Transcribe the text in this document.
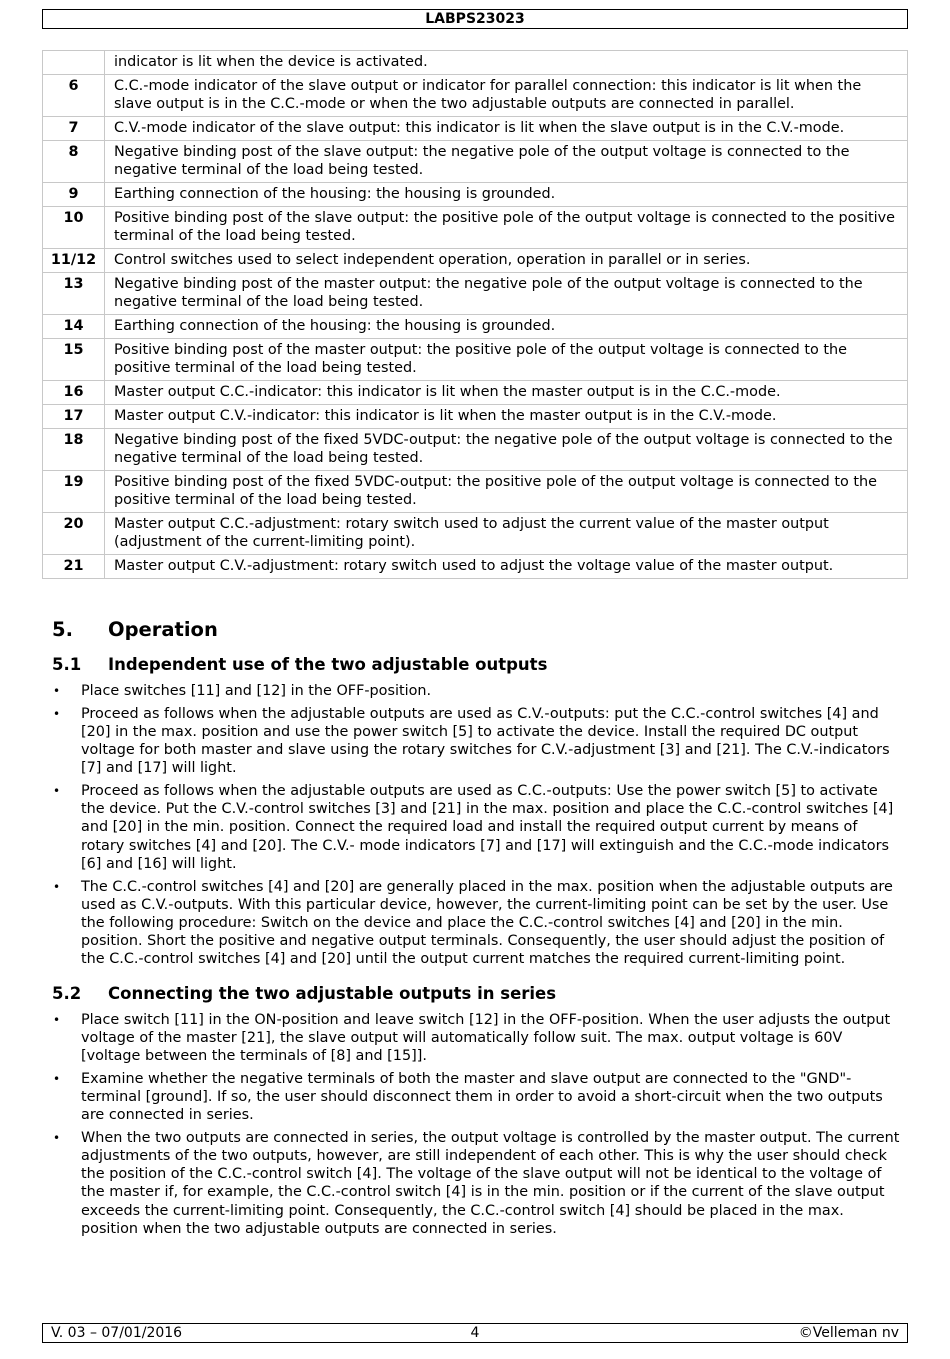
LABPS23023
	indicator is lit when the device is activated.
6	C.C.-mode indicator of the slave output or indicator for parallel connection: this indicator is lit when the slave output is in the C.C.-mode or when the two adjustable outputs are connected in parallel.
7	C.V.-mode indicator of the slave output: this indicator is lit when the slave output is in the C.V.-mode.
8	Negative binding post of the slave output: the negative pole of the output voltage is connected to the negative terminal of the load being tested.
9	Earthing connection of the housing: the housing is grounded.
10	Positive binding post of the slave output: the positive pole of the output voltage is connected to the positive terminal of the load being tested.
11/12	Control switches used to select independent operation, operation in parallel or in series.
13	Negative binding post of the master output: the negative pole of the output voltage is connected to the negative terminal of the load being tested.
14	Earthing connection of the housing: the housing is grounded.
15	Positive binding post of the master output: the positive pole of the output voltage is connected to the positive terminal of the load being tested.
16	Master output C.C.-indicator: this indicator is lit when the master output is in the C.C.-mode.
17	Master output C.V.-indicator: this indicator is lit when the master output is in the C.V.-mode.
18	Negative binding post of the fixed 5VDC-output: the negative pole of the output voltage is connected to the negative terminal of the load being tested.
19	Positive binding post of the fixed 5VDC-output: the positive pole of the output voltage is connected to the positive terminal of the load being tested.
20	Master output C.C.-adjustment: rotary switch used to adjust the current value of the master output (adjustment of the current-limiting point).
21	Master output C.V.-adjustment: rotary switch used to adjust the voltage value of the master output.
5. Operation
5.1 Independent use of the two adjustable outputs
• Place switches [11] and [12] in the OFF-position.
• Proceed as follows when the adjustable outputs are used as C.V.-outputs: put the C.C.-control switches [4] and [20] in the max. position and use the power switch [5] to activate the device. Install the required DC output voltage for both master and slave using the rotary switches for C.V.-adjustment [3] and [21]. The C.V.-indicators [7] and [17] will light.
• Proceed as follows when the adjustable outputs are used as C.C.-outputs: Use the power switch [5] to activate the device. Put the C.V.-control switches [3] and [21] in the max. position and place the C.C.-control switches [4] and [20] in the min. position. Connect the required load and install the required output current by means of rotary switches [4] and [20]. The C.V.- mode indicators [7] and [17] will extinguish and the C.C.-mode indicators [6] and [16] will light.
• The C.C.-control switches [4] and [20] are generally placed in the max. position when the adjustable outputs are used as C.V.-outputs. With this particular device, however, the current-limiting point can be set by the user. Use the following procedure: Switch on the device and place the C.C.-control switches [4] and [20] in the min. position. Short the positive and negative output terminals. Consequently, the user should adjust the position of the C.C.-control switches [4] and [20] until the output current matches the required current-limiting point.
5.2 Connecting the two adjustable outputs in series
• Place switch [11] in the ON-position and leave switch [12] in the OFF-position. When the user adjusts the output voltage of the master [21], the slave output will automatically follow suit. The max. output voltage is 60V [voltage between the terminals of [8] and [15]].
• Examine whether the negative terminals of both the master and slave output are connected to the "GND"-terminal [ground]. If so, the user should disconnect them in order to avoid a short-circuit when the two outputs are connected in series.
• When the two outputs are connected in series, the output voltage is controlled by the master output. The current adjustments of the two outputs, however, are still independent of each other. This is why the user should check the position of the C.C.-control switch [4]. The voltage of the slave output will not be identical to the voltage of the master if, for example, the C.C.-control switch [4] is in the min. position or if the current of the slave output exceeds the current-limiting point. Consequently, the C.C.-control switch [4] should be placed in the max. position when the two adjustable outputs are connected in series.
V. 03 – 07/01/2016	4	©Velleman nv
